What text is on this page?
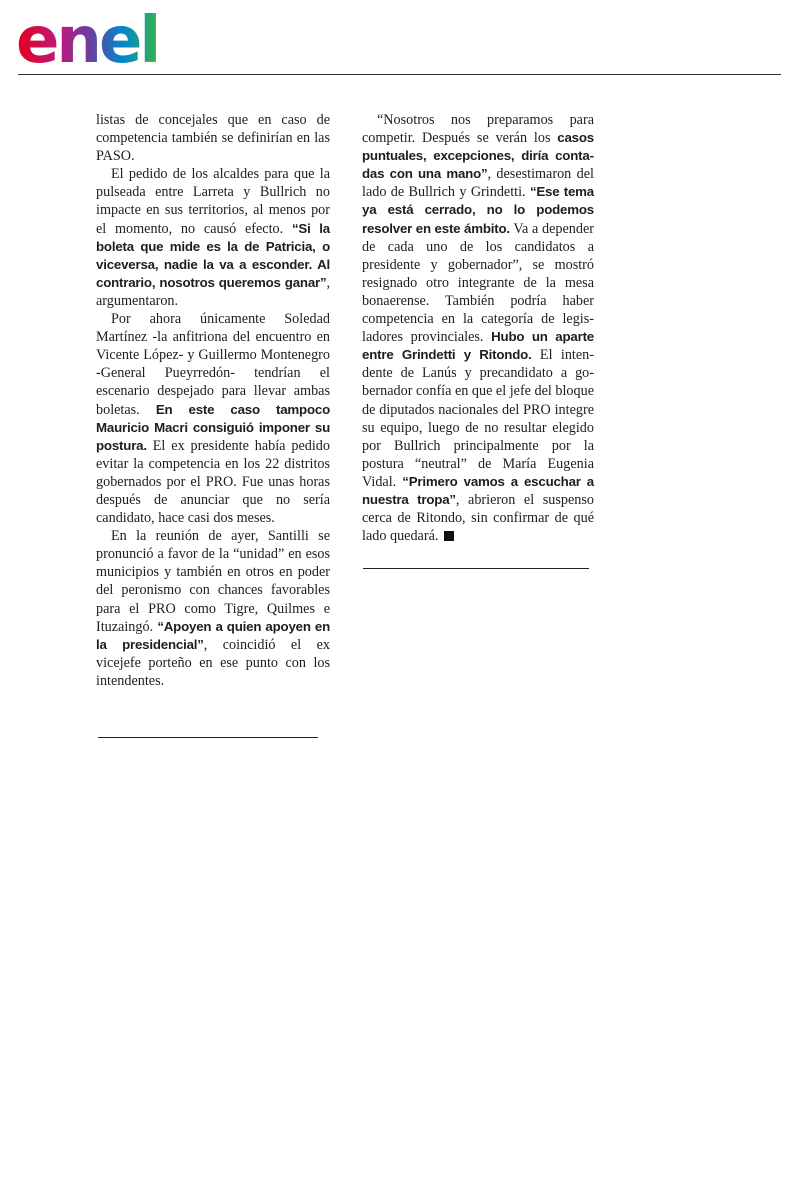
enel

listas de concejales que en caso de competencia también se definirían en las PASO.

El pedido de los alcaldes para que la pulseada entre Larreta y Bullrich no impacte en sus territorios, al menos por el momento, no causó efecto. “Si la boleta que mide es la de Patricia, o viceversa, nadie la va a esconder. Al contrario, nosotros queremos ganar”, argumentaron.

Por ahora únicamente Soledad Martínez -la anfitriona del encuentro en Vicente López- y Guillermo Montenegro -General Pueyrredón- tendrían el escenario despejado para llevar ambas boletas. En este caso tampoco Mauricio Macri consiguió imponer su postura. El ex presidente había pedido evitar la competencia en los 22 distritos gobernados por el PRO. Fue unas horas después de anunciar que no sería candidato, hace casi dos meses.

En la reunión de ayer, Santilli se pronunció a favor de la “unidad” en esos municipios y también en otros en poder del peronismo con chances favorables para el PRO como Tigre, Quilmes e Ituzaingó. “Apoyen a quien apoyen en la presidencial”, coincidió el ex vicejefe porteño en ese punto con los intendentes.

“Nosotros nos preparamos para competir. Después se verán los casos puntuales, excepciones, diría contadas con una mano”, desestimaron del lado de Bullrich y Grindetti. “Ese tema ya está cerrado, no lo podemos resolver en este ámbito. Va a depender de cada uno de los candidatos a presidente y gobernador”, se mostró resignado otro integrante de la mesa bonaerense. También podría haber competencia en la categoría de legisladores provinciales. Hubo un aparte entre Grindetti y Ritondo. El intendente de Lanús y precandidato a gobernador confía en que el jefe del bloque de diputados nacionales del PRO integre su equipo, luego de no resultar elegido por Bullrich principalmente por la postura “neutral” de María Eugenia Vidal. “Primero vamos a escuchar a nuestra tropa”, abrieron el suspenso cerca de Ritondo, sin confirmar de qué lado quedará.
